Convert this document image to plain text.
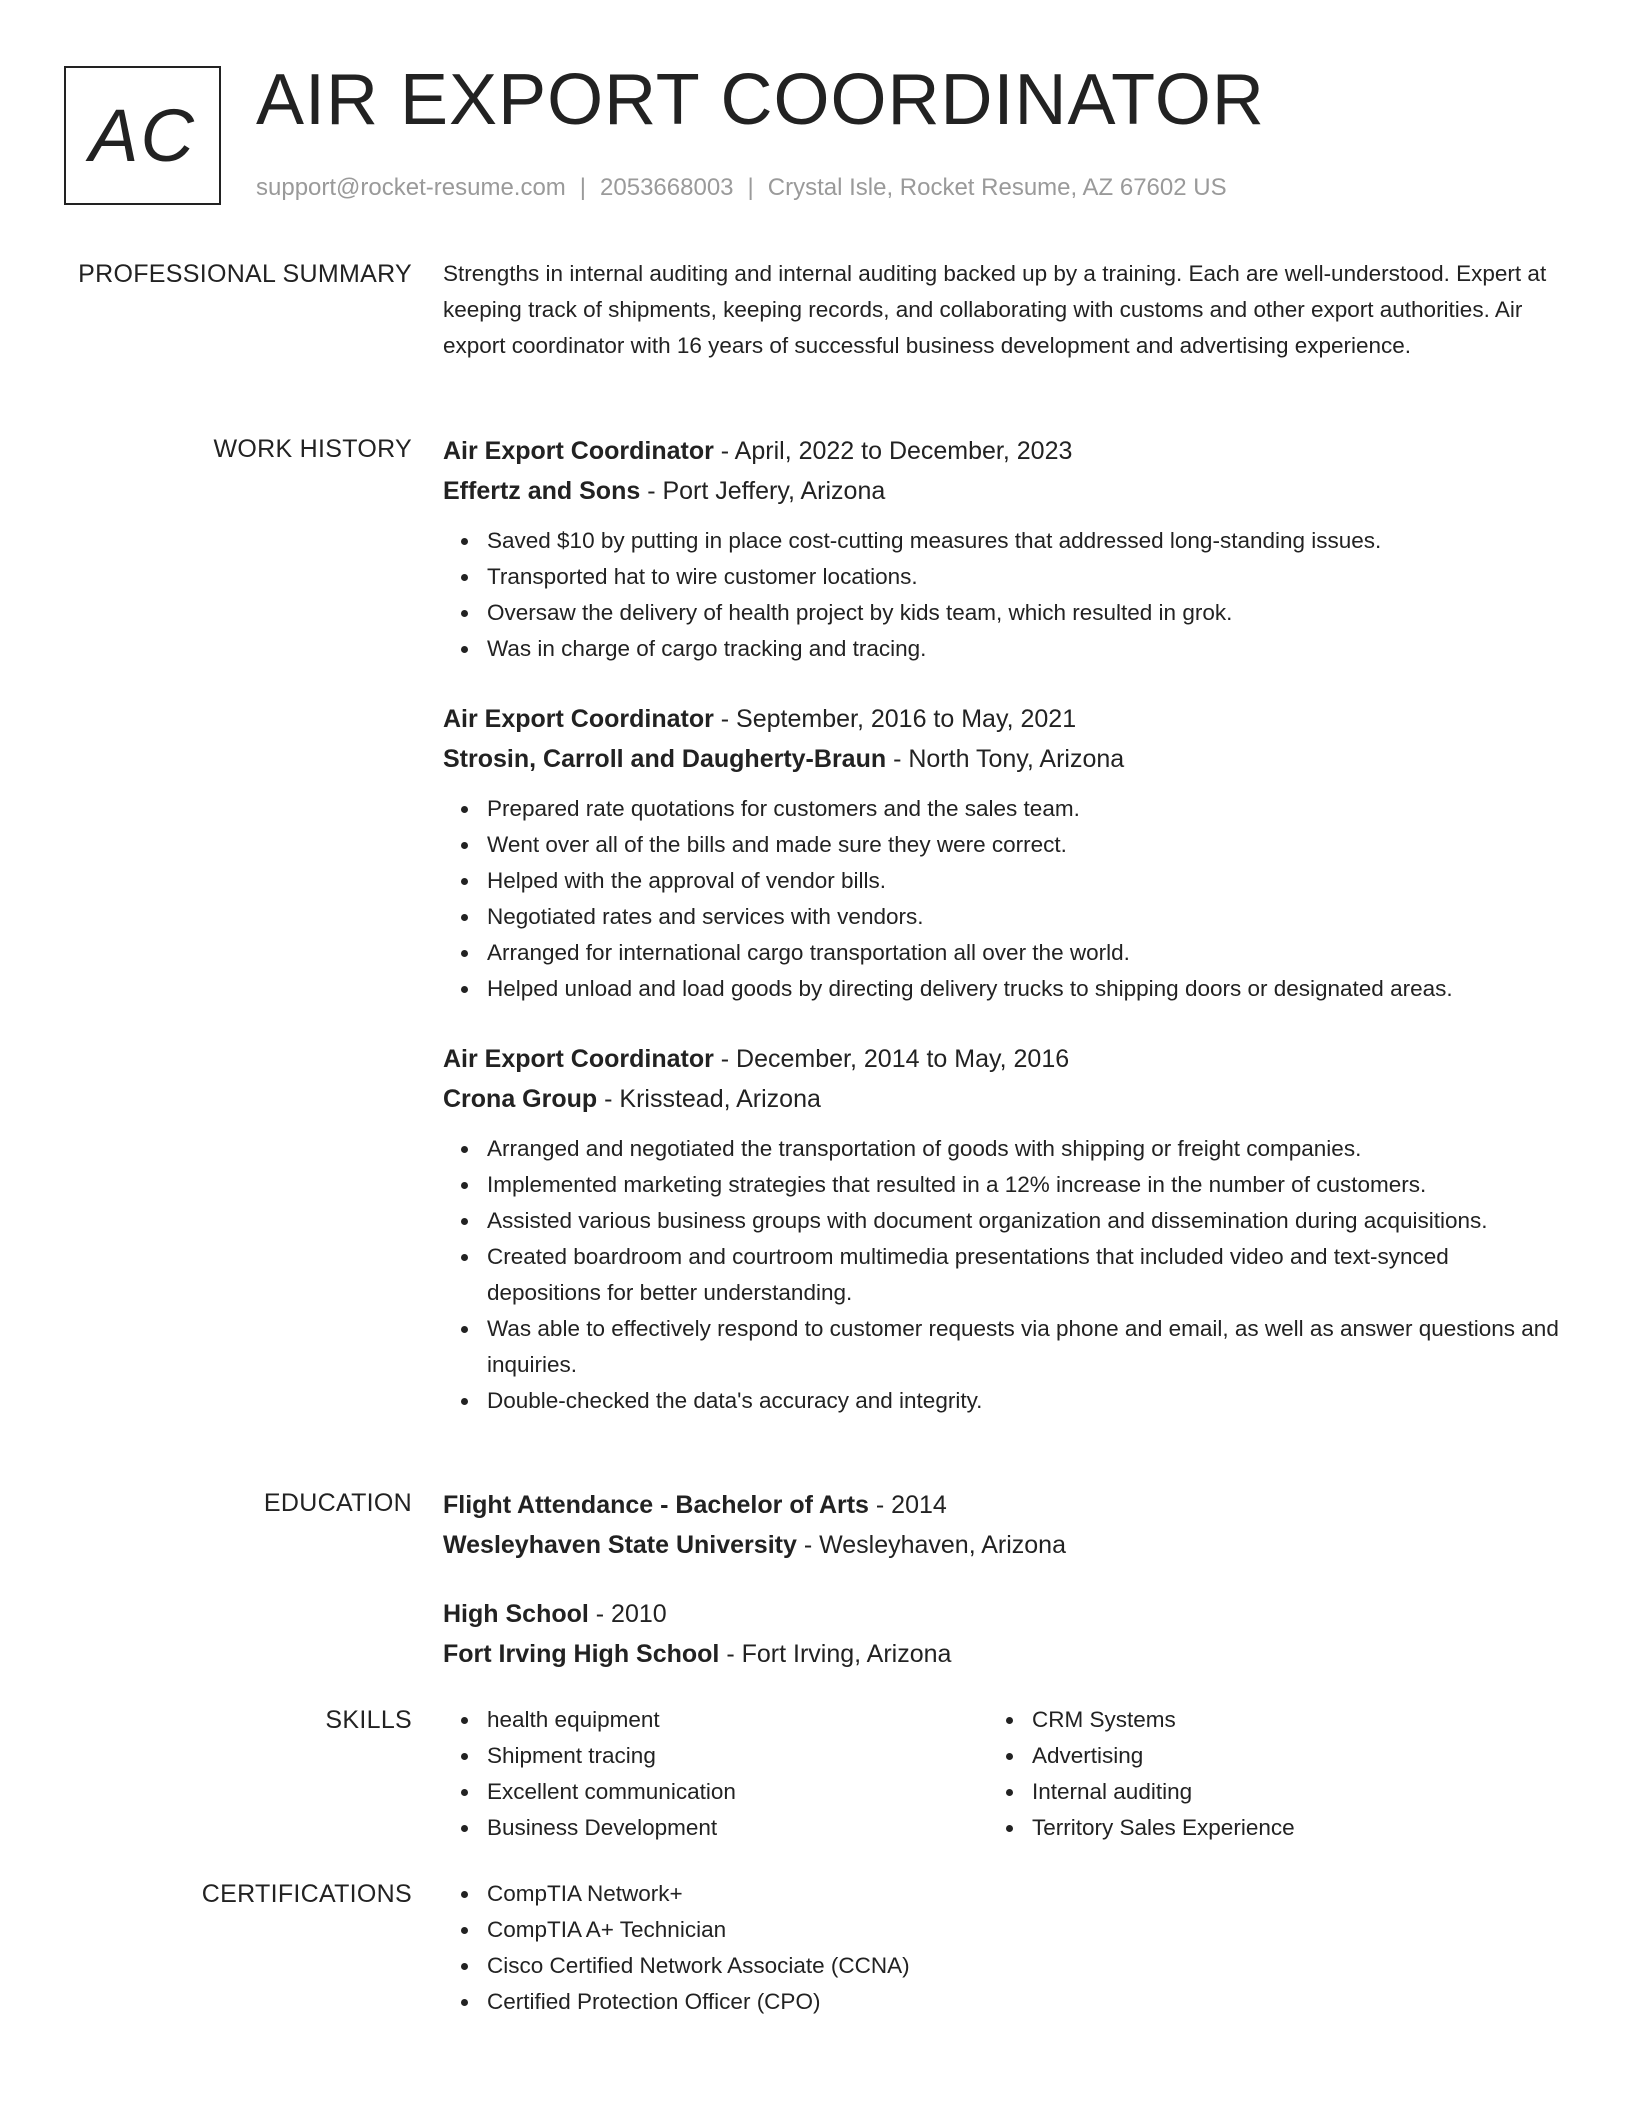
AC AIR EXPORT COORDINATOR
support@rocket-resume.com | 2053668003 | Crystal Isle, Rocket Resume, AZ 67602 US
PROFESSIONAL SUMMARY Strengths in internal auditing and internal auditing backed up by a training. Each are well-understood. Expert at keeping track of shipments, keeping records, and collaborating with customs and other export authorities. Air export coordinator with 16 years of successful business development and advertising experience.

WORK HISTORY Air Export Coordinator - April, 2022 to December, 2023
Effertz and Sons - Port Jeffery, Arizona
Saved $10 by putting in place cost-cutting measures that addressed long-standing issues.
Transported hat to wire customer locations.
Oversaw the delivery of health project by kids team, which resulted in grok.
Was in charge of cargo tracking and tracing.
Air Export Coordinator - September, 2016 to May, 2021
Strosin, Carroll and Daugherty-Braun - North Tony, Arizona
Prepared rate quotations for customers and the sales team.
Went over all of the bills and made sure they were correct.
Helped with the approval of vendor bills.
Negotiated rates and services with vendors.
Arranged for international cargo transportation all over the world.
Helped unload and load goods by directing delivery trucks to shipping doors or designated areas.
Air Export Coordinator - December, 2014 to May, 2016
Crona Group - Krisstead, Arizona
Arranged and negotiated the transportation of goods with shipping or freight companies.
Implemented marketing strategies that resulted in a 12% increase in the number of customers.
Assisted various business groups with document organization and dissemination during acquisitions.
Created boardroom and courtroom multimedia presentations that included video and text-synced depositions for better understanding.
Was able to effectively respond to customer requests via phone and email, as well as answer questions and inquiries.
Double-checked the data's accuracy and integrity.
EDUCATION Flight Attendance - Bachelor of Arts - 2014
Wesleyhaven State University - Wesleyhaven, Arizona
High School - 2010
Fort Irving High School - Fort Irving, Arizona
SKILLS	health equipment
Shipment tracing
Excellent communication
Business Development
CRM Systems
Advertising
Internal auditing
Territory Sales Experience
CERTIFICATIONS	CompTIA Network+
CompTIA A+ Technician
Cisco Certified Network Associate (CCNA)
Certified Protection Officer (CPO)
